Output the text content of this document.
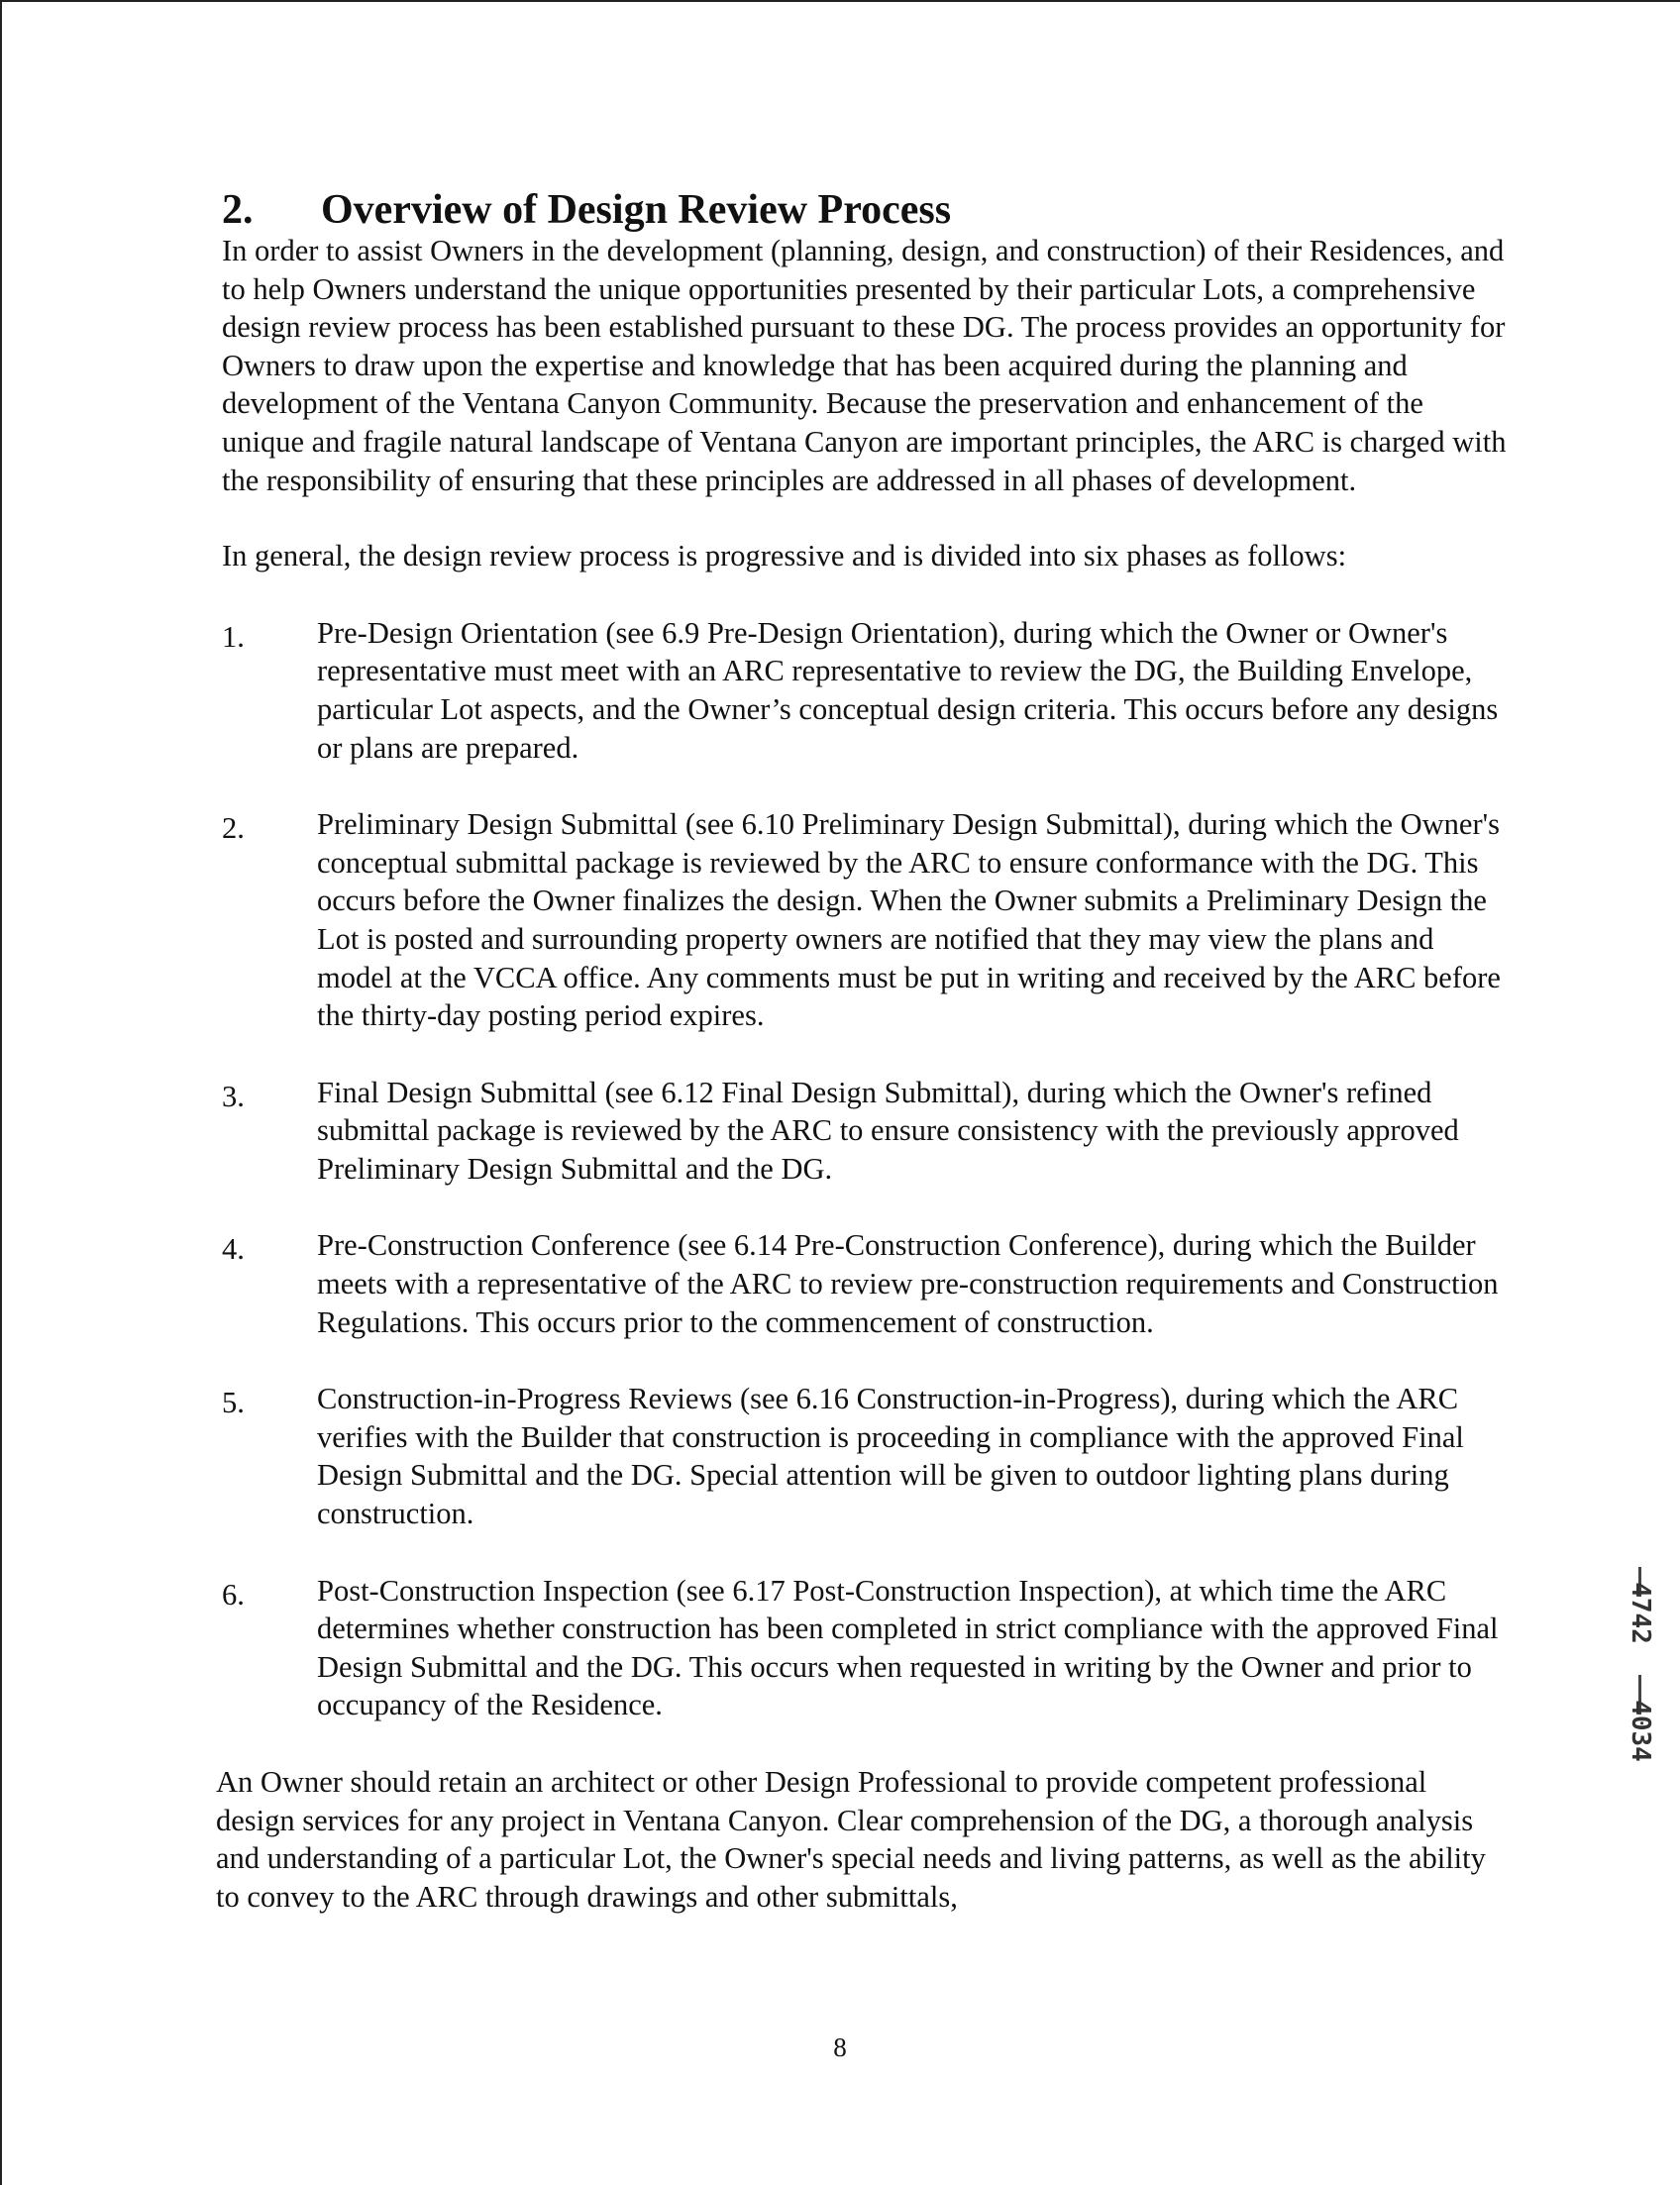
2.	Overview of Design Review Process

In order to assist Owners in the development (planning, design, and construction) of their Residences, and to help Owners understand the unique opportunities presented by their particular Lots, a comprehensive design review process has been established pursuant to these DG. The process provides an opportunity for Owners to draw upon the expertise and knowledge that has been acquired during the planning and development of the Ventana Canyon Community. Because the preservation and enhancement of the unique and fragile natural landscape of Ventana Canyon are important principles, the ARC is charged with the responsibility of ensuring that these principles are addressed in all phases of development.

In general, the design review process is progressive and is divided into six phases as follows:

1.	Pre-Design Orientation (see 6.9 Pre-Design Orientation), during which the Owner or Owner's representative must meet with an ARC representative to review the DG, the Building Envelope, particular Lot aspects, and the Owner’s conceptual design criteria. This occurs before any designs or plans are prepared.
2.	Preliminary Design Submittal (see 6.10 Preliminary Design Submittal), during which the Owner's conceptual submittal package is reviewed by the ARC to ensure conformance with the DG. This occurs before the Owner finalizes the design. When the Owner submits a Preliminary Design the Lot is posted and surrounding property owners are notified that they may view the plans and model at the VCCA office. Any comments must be put in writing and received by the ARC before the thirty-day posting period expires.
3.	Final Design Submittal (see 6.12 Final Design Submittal), during which the Owner's refined submittal package is reviewed by the ARC to ensure consistency with the previously approved Preliminary Design Submittal and the DG.
4.	Pre-Construction Conference (see 6.14 Pre-Construction Conference), during which the Builder meets with a representative of the ARC to review pre-construction requirements and Construction Regulations. This occurs prior to the commencement of construction.
5.	Construction-in-Progress Reviews (see 6.16 Construction-in-Progress), during which the ARC verifies with the Builder that construction is proceeding in compliance with the approved Final Design Submittal and the DG. Special attention will be given to outdoor lighting plans during construction.
6.	Post-Construction Inspection (see 6.17 Post-Construction Inspection), at which time the ARC determines whether construction has been completed in strict compliance with the approved Final Design Submittal and the DG. This occurs when requested in writing by the Owner and prior to occupancy of the Residence.

An Owner should retain an architect or other Design Professional to provide competent professional design services for any project in Ventana Canyon. Clear comprehension of the DG, a thorough analysis and understanding of a particular Lot, the Owner's special needs and living patterns, as well as the ability to convey to the ARC through drawings and other submittals,

8
4742
4034
